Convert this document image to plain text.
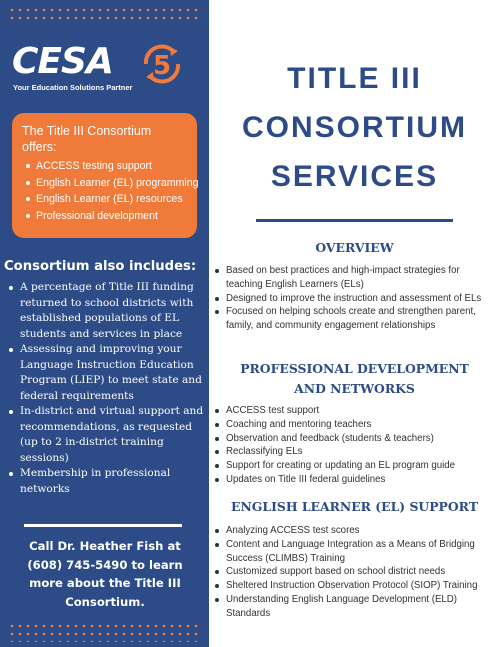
CESA 5
Your Education Solutions Partner
The Title III Consortium offers:
ACCESS testing support
English Learner (EL) programming
English Learner (EL) resources
Professional development
Consortium also includes:
A percentage of Title III funding returned to school districts with established populations of EL students and services in place
Assessing and improving your Language Instruction Education Program (LIEP) to meet state and federal requirements
In-district and virtual support and recommendations, as requested (up to 2 in-district training sessions)
Membership in professional networks
Call Dr. Heather Fish at (608) 745-5490 to learn more about the Title III Consortium.
TITLE III
CONSORTIUM
SERVICES
OVERVIEW
Based on best practices and high-impact strategies for teaching English Learners (ELs)
Designed to improve the instruction and assessment of ELs
Focused on helping schools create and strengthen parent, family, and community engagement relationships
PROFESSIONAL DEVELOPMENT AND NETWORKS
ACCESS test support
Coaching and mentoring teachers
Observation and feedback (students & teachers)
Reclassifying ELs
Support for creating or updating an EL program guide
Updates on Title III federal guidelines
ENGLISH LEARNER (EL) SUPPORT
Analyzing ACCESS test scores
Content and Language Integration as a Means of Bridging Success (CLIMBS) Training
Customized support based on school district needs
Sheltered Instruction Observation Protocol (SIOP) Training
Understanding English Language Development (ELD) Standards
